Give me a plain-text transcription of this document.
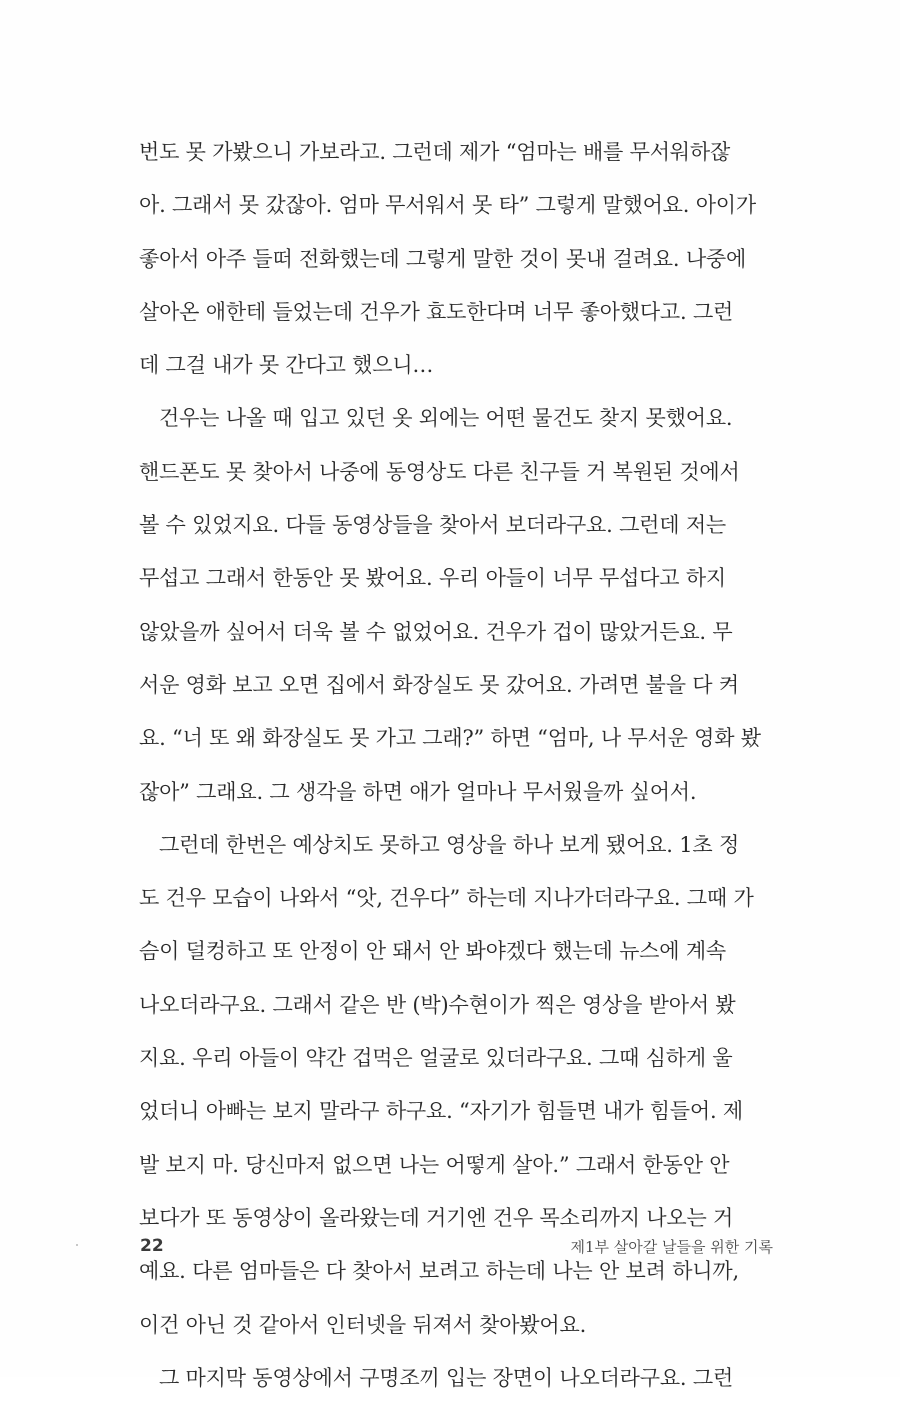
번도 못 가봤으니 가보라고. 그런데 제가 “엄마는 배를 무서워하잖
아. 그래서 못 갔잖아. 엄마 무서워서 못 타” 그렇게 말했어요. 아이가
좋아서 아주 들떠 전화했는데 그렇게 말한 것이 못내 걸려요. 나중에
살아온 애한테 들었는데 건우가 효도한다며 너무 좋아했다고. 그런
데 그걸 내가 못 간다고 했으니…
건우는 나올 때 입고 있던 옷 외에는 어떤 물건도 찾지 못했어요.
핸드폰도 못 찾아서 나중에 동영상도 다른 친구들 거 복원된 것에서
볼 수 있었지요. 다들 동영상들을 찾아서 보더라구요. 그런데 저는
무섭고 그래서 한동안 못 봤어요. 우리 아들이 너무 무섭다고 하지
않았을까 싶어서 더욱 볼 수 없었어요. 건우가 겁이 많았거든요. 무
서운 영화 보고 오면 집에서 화장실도 못 갔어요. 가려면 불을 다 켜
요. “너 또 왜 화장실도 못 가고 그래?” 하면 “엄마, 나 무서운 영화 봤
잖아” 그래요. 그 생각을 하면 애가 얼마나 무서웠을까 싶어서.
그런데 한번은 예상치도 못하고 영상을 하나 보게 됐어요. 1초 정
도 건우 모습이 나와서 “앗, 건우다” 하는데 지나가더라구요. 그때 가
슴이 덜컹하고 또 안정이 안 돼서 안 봐야겠다 했는데 뉴스에 계속
나오더라구요. 그래서 같은 반 (박)수현이가 찍은 영상을 받아서 봤
지요. 우리 아들이 약간 겁먹은 얼굴로 있더라구요. 그때 심하게 울
었더니 아빠는 보지 말라구 하구요. “자기가 힘들면 내가 힘들어. 제
발 보지 마. 당신마저 없으면 나는 어떻게 살아.” 그래서 한동안 안
보다가 또 동영상이 올라왔는데 거기엔 건우 목소리까지 나오는 거
예요. 다른 엄마들은 다 찾아서 보려고 하는데 나는 안 보려 하니까,
이건 아닌 것 같아서 인터넷을 뒤져서 찾아봤어요.
그 마지막 동영상에서 구명조끼 입는 장면이 나오더라구요. 그런
22	제1부 살아갈 날들을 위한 기록
